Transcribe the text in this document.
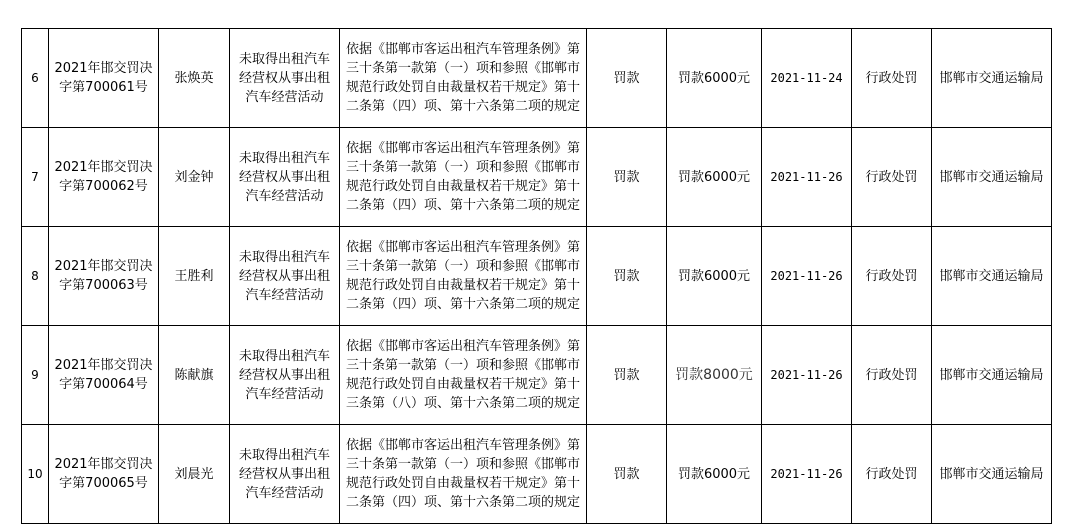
6	2021年邯交罚决字第700061号	张焕英	未取得出租汽车经营权从事出租汽车经营活动	依据《邯郸市客运出租汽车管理条例》第三十条第一款第（一）项和参照《邯郸市规范行政处罚自由裁量权若干规定》第十二条第（四）项、第十六条第二项的规定	罚款	罚款6000元	2021-11-24	行政处罚	邯郸市交通运输局
7	2021年邯交罚决字第700062号	刘金钟	未取得出租汽车经营权从事出租汽车经营活动	依据《邯郸市客运出租汽车管理条例》第三十条第一款第（一）项和参照《邯郸市规范行政处罚自由裁量权若干规定》第十二条第（四）项、第十六条第二项的规定	罚款	罚款6000元	2021-11-26	行政处罚	邯郸市交通运输局
8	2021年邯交罚决字第700063号	王胜利	未取得出租汽车经营权从事出租汽车经营活动	依据《邯郸市客运出租汽车管理条例》第三十条第一款第（一）项和参照《邯郸市规范行政处罚自由裁量权若干规定》第十二条第（四）项、第十六条第二项的规定	罚款	罚款6000元	2021-11-26	行政处罚	邯郸市交通运输局
9	2021年邯交罚决字第700064号	陈献旗	未取得出租汽车经营权从事出租汽车经营活动	依据《邯郸市客运出租汽车管理条例》第三十条第一款第（一）项和参照《邯郸市规范行政处罚自由裁量权若干规定》第十三条第（八）项、第十六条第二项的规定	罚款	罚款8000元	2021-11-26	行政处罚	邯郸市交通运输局
10	2021年邯交罚决字第700065号	刘晨光	未取得出租汽车经营权从事出租汽车经营活动	依据《邯郸市客运出租汽车管理条例》第三十条第一款第（一）项和参照《邯郸市规范行政处罚自由裁量权若干规定》第十二条第（四）项、第十六条第二项的规定	罚款	罚款6000元	2021-11-26	行政处罚	邯郸市交通运输局
